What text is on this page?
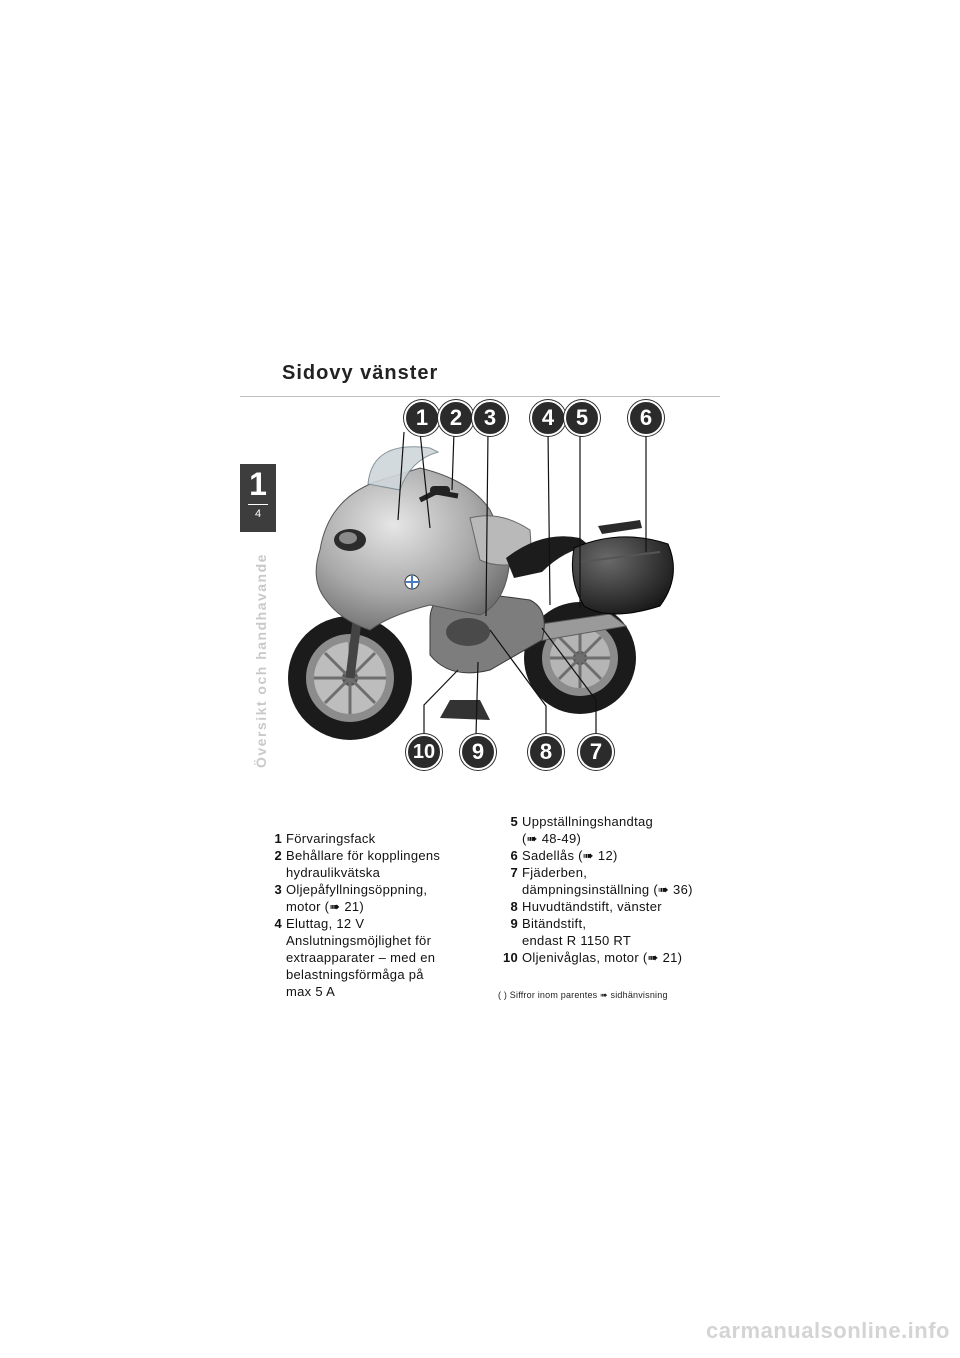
Sidovy vänster
1
4
Översikt och handhavande
1 2 3	4 5	6
10	9	8	7
1 Förvaringsfack
2 Behållare för kopplingens
hydraulikvätska
3 Oljepåfyllningsöppning,
motor (➠ 21)
4 Eluttag, 12 V
Anslutningsmöjlighet för
extraapparater – med en
belastningsförmåga på
max 5 A
5 Uppställningshandtag
(➠ 48-49)
6 Sadellås (➠ 12)
7 Fjäderben,
dämpningsinställning (➠ 36)
8 Huvudtändstift, vänster
9 Bitändstift,
endast R 1150 RT
10 Oljenivåglas, motor (➠ 21)
( ) Siffror inom parentes ➠ sidhänvisning
carmanualsonline.info
